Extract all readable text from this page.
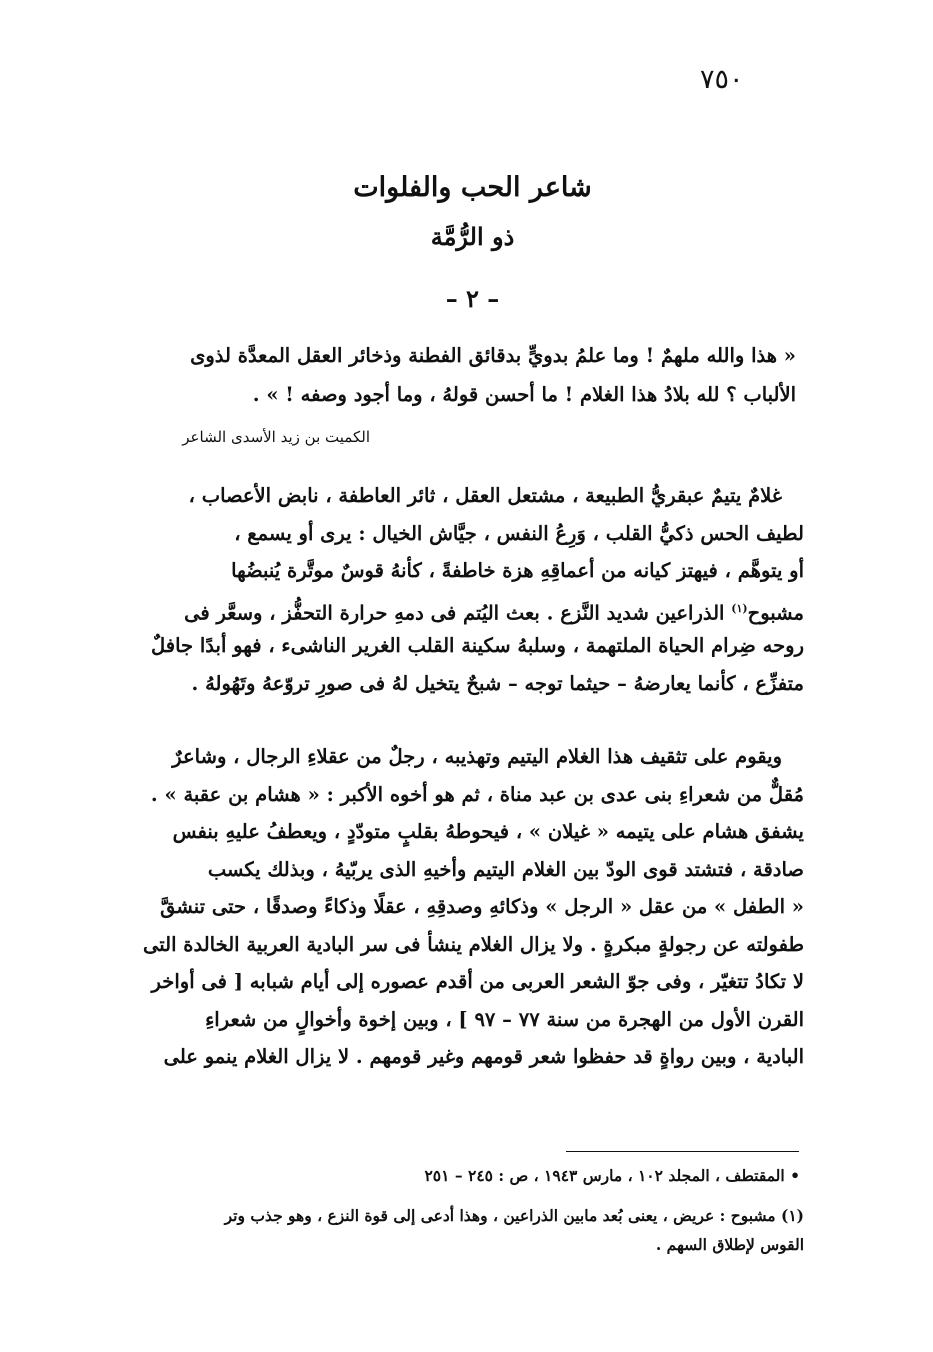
٧٥٠
شاعر الحب والفلوات
ذو الرُّمَّة
– ٢ –
« هذا والله ملهمٌ ! وما علمُ بدويٍّ بدقائق الفطنة وذخائر العقل المعدَّة لذوى
الألباب ؟ لله بلادُ هذا الغلام ! ما أحسن قولهُ ، وما أجود وصفه ! » .
الكميت بن زيد الأسدى الشاعر
غلامٌ يتيمٌ عبقريُّ الطبيعة ، مشتعل العقل ، ثائر العاطفة ، نابض الأعصاب ،
لطيف الحس ذكيُّ القلب ، وَرِعُ النفس ، جيَّاش الخيال : يرى أو يسمع ،
أو يتوهَّم ، فيهتز كيانه من أعماقِهِ هزة خاطفةً ، كأنهُ قوسٌ موتَّرة يُنبضُها
مشبوح$^{(١)}$ الذراعين شديد النَّزع . بعث اليُتم فى دمهِ حرارة التحفُّز ، وسعَّر فى
روحه ضِرام الحياة الملتهمة ، وسلبهُ سكينة القلب الغرير الناشىء ، فهو أبدًا جافلٌ
متفزِّع ، كأنما يعارضهُ – حيثما توجه – شبحٌ يتخيل لهُ فى صورِ تروّعهُ وتَهُولهُ .
ويقوم على تثقيف هذا الغلام اليتيم وتهذيبه ، رجلٌ من عقلاءِ الرجال ، وشاعرٌ
مُقلٌّ من شعراءِ بنى عدى بن عبد مناة ، ثم هو أخوه الأكبر : « هشام بن عقبة » .
يشفق هشام على يتيمه « غيلان » ، فيحوطهُ بقلبٍ متودّدٍ ، ويعطفُ عليهِ بنفس
صادقة ، فتشتد قوى الودّ بين الغلام اليتيم وأخيهِ الذى يربّيهُ ، وبذلك يكسب
« الطفل » من عقل « الرجل » وذكائهِ وصدقِهِ ، عقلًا وذكاءً وصدقًا ، حتى تنشقَّ
طفولته عن رجولةٍ مبكرةٍ . ولا يزال الغلام ينشأ فى سر البادية العربية الخالدة التى
لا تكادُ تتغيّر ، وفى جوّ الشعر العربى من أقدم عصوره إلى أيام شبابه [ فى أواخر
القرن الأول من الهجرة من سنة ٧٧ – ٩٧ ] ، وبين إخوة وأخوالٍ من شعراءِ
البادية ، وبين رواةٍ قد حفظوا شعر قومهم وغير قومهم . لا يزال الغلام ينمو على
• المقتطف ، المجلد ١٠٢ ، مارس ١٩٤٣ ، ص : ٢٤٥ – ٢٥١
(١) مشبوح : عريض ، يعنى بُعد مابين الذراعين ، وهذا أدعى إلى قوة النزع ، وهو جذب وتر
القوس لإطلاق السهم .
